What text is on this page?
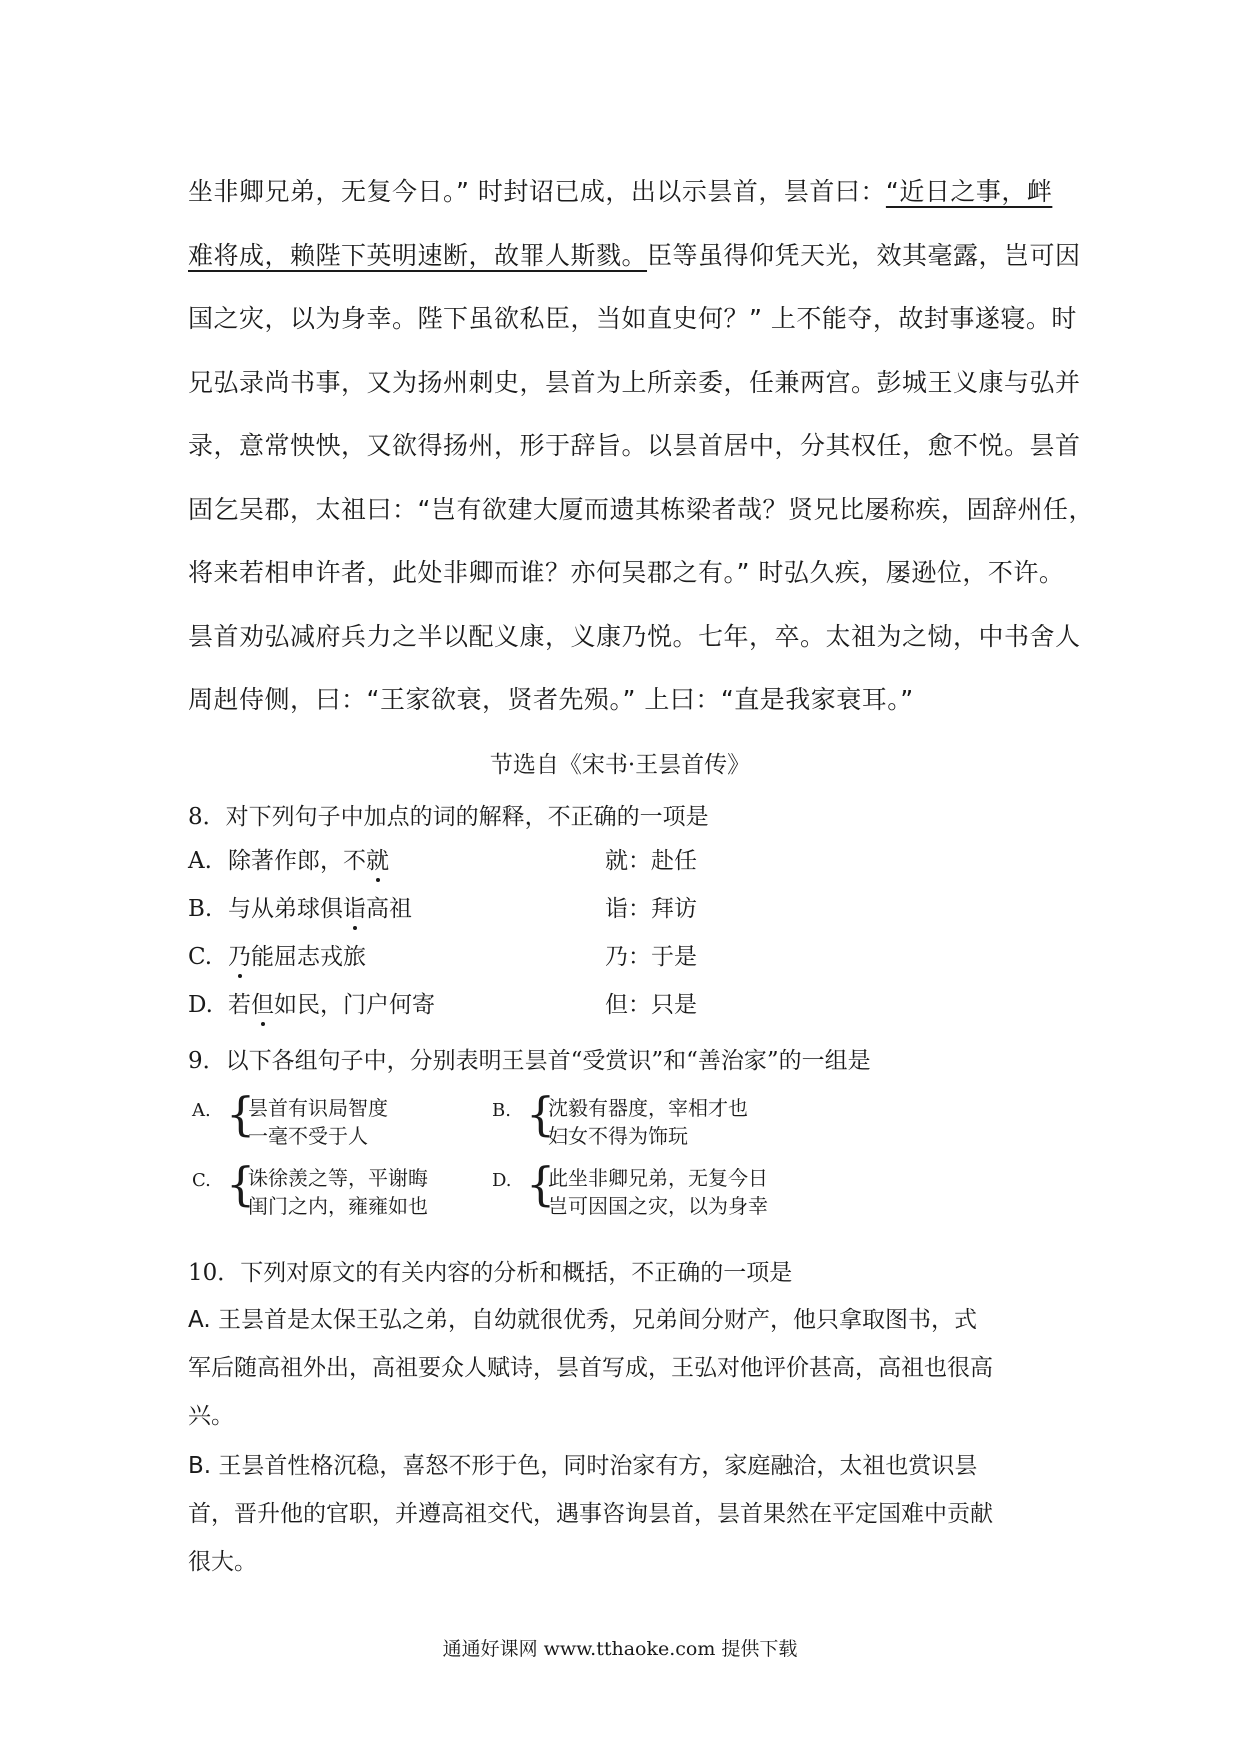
坐非卿兄弟，无复今日。” 时封诏已成，出以示昙首，昙首曰：“近日之事，衅

难将成，赖陛下英明速断，故罪人斯戮。臣等虽得仰凭天光，效其毫露，岂可因

国之灾，以为身幸。陛下虽欲私臣，当如直史何？” 上不能夺，故封事遂寝。时

兄弘录尚书事，又为扬州刺史，昙首为上所亲委，任兼两宫。彭城王义康与弘并

录，意常怏怏，又欲得扬州，形于辞旨。以昙首居中，分其权任，愈不悦。昙首

固乞吴郡，太祖曰：“岂有欲建大厦而遗其栋梁者哉？贤兄比屡称疾，固辞州任，

将来若相申许者，此处非卿而谁？亦何吴郡之有。” 时弘久疾，屡逊位，不许。

昙首劝弘减府兵力之半以配义康，义康乃悦。七年，卒。太祖为之恸，中书舍人

周赳侍侧，曰：“王家欲衰，贤者先殒。” 上曰：“直是我家衰耳。”

节选自《宋书·王昙首传》
8．对下列句子中加点的词的解释，不正确的一项是
A. 除著作郎，不就	就：赴任
B. 与从弟球俱诣高祖	诣：拜访
C. 乃能屈志戎旅	乃：于是
D. 若但如民，门户何寄	但：只是
9．以下各组句子中，分别表明王昙首“受赏识”和“善治家”的一组是
A. {
昙首有识局智度
一毫不受于人
B. {
沈毅有器度，宰相才也
妇女不得为饰玩
C. {
诛徐羡之等，平谢晦
闺门之内，雍雍如也
D. {
此坐非卿兄弟，无复今日
岂可因国之灾，以为身幸
10．下列对原文的有关内容的分析和概括，不正确的一项是

A. 王昙首是太保王弘之弟，自幼就很优秀，兄弟间分财产，他只拿取图书，式

军后随高祖外出，高祖要众人赋诗，昙首写成，王弘对他评价甚高，高祖也很高

兴。

B. 王昙首性格沉稳，喜怒不形于色，同时治家有方，家庭融洽，太祖也赏识昙

首，晋升他的官职，并遵高祖交代，遇事咨询昙首，昙首果然在平定国难中贡献

很大。

通通好课网 www.tthaoke.com 提供下载
